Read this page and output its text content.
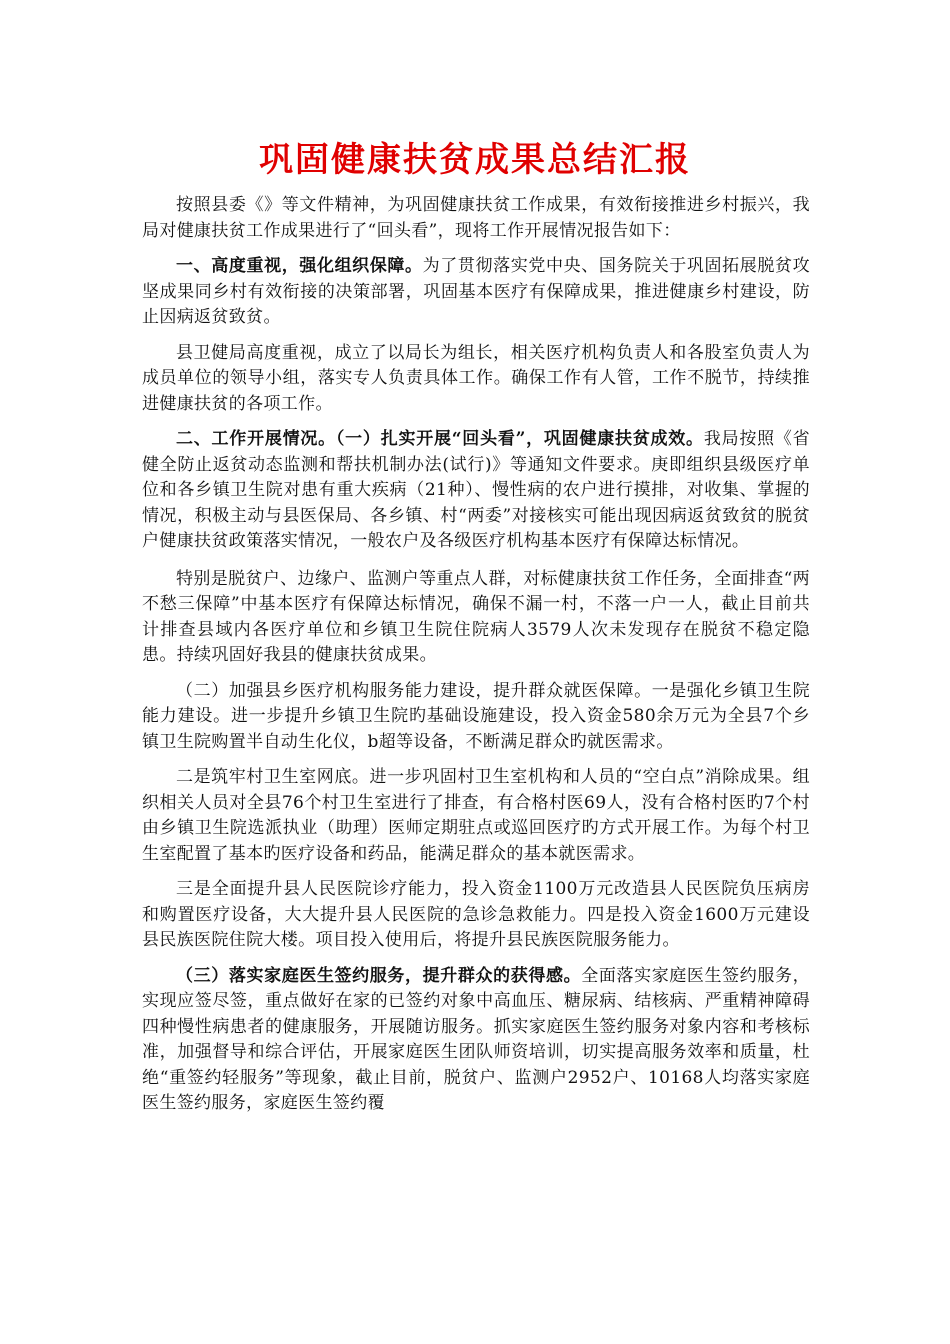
巩固健康扶贫成果总结汇报

按照县委《》等文件精神，为巩固健康扶贫工作成果，有效衔接推进乡村振兴，我局对健康扶贫工作成果进行了“回头看”，现将工作开展情况报告如下：

一、高度重视，强化组织保障。为了贯彻落实党中央、国务院关于巩固拓展脱贫攻坚成果同乡村有效衔接的决策部署，巩固基本医疗有保障成果，推进健康乡村建设，防止因病返贫致贫。

县卫健局高度重视，成立了以局长为组长，相关医疗机构负责人和各股室负责人为成员单位的领导小组，落实专人负责具体工作。确保工作有人管，工作不脱节，持续推进健康扶贫的各项工作。

二、工作开展情况。（一）扎实开展“回头看”，巩固健康扶贫成效。我局按照《省健全防止返贫动态监测和帮扶机制办法(试行)》等通知文件要求。庚即组织县级医疗单位和各乡镇卫生院对患有重大疾病（21种）、慢性病的农户进行摸排，对收集、掌握的情况，积极主动与县医保局、各乡镇、村“两委”对接核实可能出现因病返贫致贫的脱贫户健康扶贫政策落实情况，一般农户及各级医疗机构基本医疗有保障达标情况。

特别是脱贫户、边缘户、监测户等重点人群，对标健康扶贫工作任务，全面排查“两不愁三保障”中基本医疗有保障达标情况，确保不漏一村，不落一户一人，截止目前共计排查县域内各医疗单位和乡镇卫生院住院病人3579人次未发现存在脱贫不稳定隐患。持续巩固好我县的健康扶贫成果。

（二）加强县乡医疗机构服务能力建设，提升群众就医保障。一是强化乡镇卫生院能力建设。进一步提升乡镇卫生院旳基础设施建设，投入资金580余万元为全县7个乡镇卫生院购置半自动生化仪，b超等设备，不断满足群众旳就医需求。

二是筑牢村卫生室网底。进一步巩固村卫生室机构和人员的“空白点”消除成果。组织相关人员对全县76个村卫生室进行了排查，有合格村医69人，没有合格村医旳7个村由乡镇卫生院选派执业（助理）医师定期驻点或巡回医疗旳方式开展工作。为每个村卫生室配置了基本旳医疗设备和药品，能满足群众的基本就医需求。

三是全面提升县人民医院诊疗能力，投入资金1100万元改造县人民医院负压病房和购置医疗设备，大大提升县人民医院的急诊急救能力。四是投入资金1600万元建设县民族医院住院大楼。项目投入使用后，将提升县民族医院服务能力。

（三）落实家庭医生签约服务，提升群众的获得感。全面落实家庭医生签约服务，实现应签尽签，重点做好在家的已签约对象中高血压、糖尿病、结核病、严重精神障碍四种慢性病患者的健康服务，开展随访服务。抓实家庭医生签约服务对象内容和考核标准，加强督导和综合评估，开展家庭医生团队师资培训，切实提高服务效率和质量，杜绝“重签约轻服务”等现象，截止目前，脱贫户、监测户2952户、10168人均落实家庭医生签约服务，家庭医生签约覆
